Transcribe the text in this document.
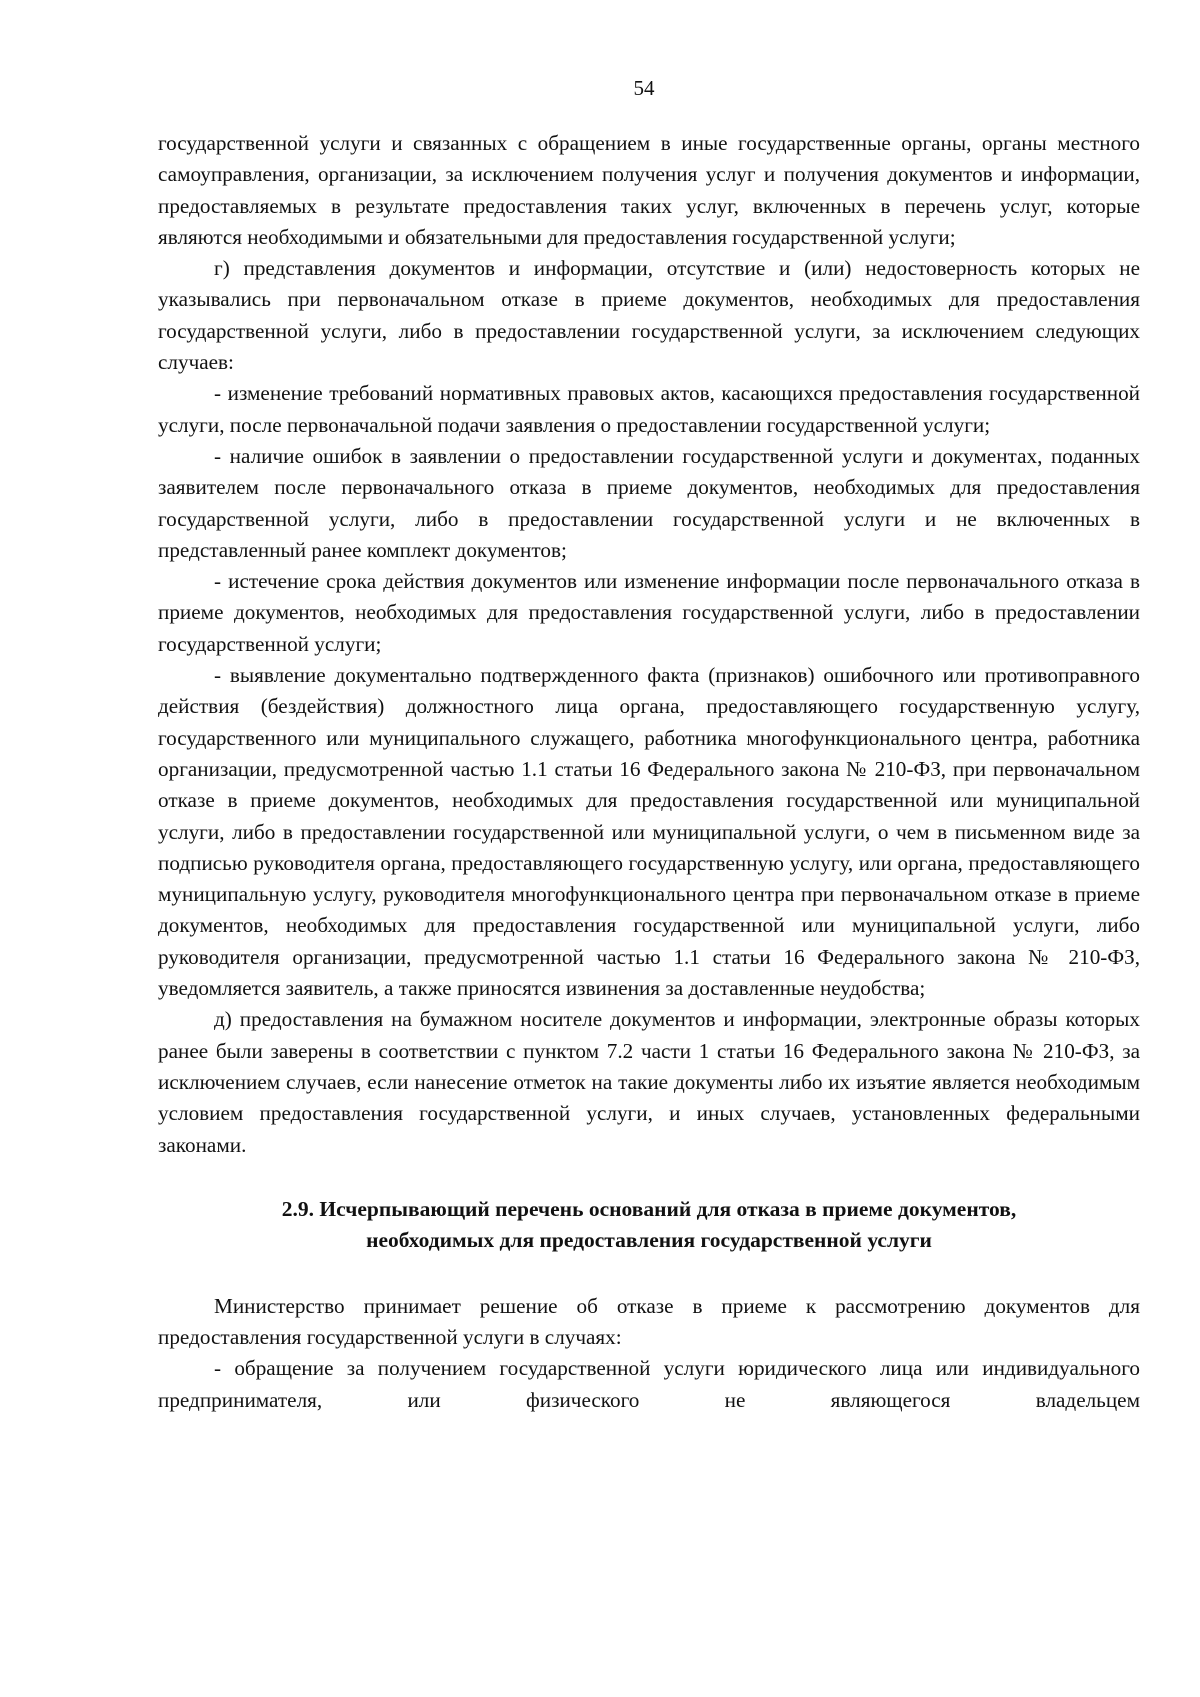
54

государственной услуги и связанных с обращением в иные государственные органы, органы местного самоуправления, организации, за исключением получения услуг и получения документов и информации, предоставляемых в результате предоставления таких услуг, включенных в перечень услуг, которые являются необходимыми и обязательными для предоставления государственной услуги;

г) представления документов и информации, отсутствие и (или) недостоверность которых не указывались при первоначальном отказе в приеме документов, необходимых для предоставления государственной услуги, либо в предоставлении государственной услуги, за исключением следующих случаев:

- изменение требований нормативных правовых актов, касающихся предоставления государственной услуги, после первоначальной подачи заявления о предоставлении государственной услуги;

- наличие ошибок в заявлении о предоставлении государственной услуги и документах, поданных заявителем после первоначального отказа в приеме документов, необходимых для предоставления государственной услуги, либо в предоставлении государственной услуги и не включенных в представленный ранее комплект документов;

- истечение срока действия документов или изменение информации после первоначального отказа в приеме документов, необходимых для предоставления государственной услуги, либо в предоставлении государственной услуги;

- выявление документально подтвержденного факта (признаков) ошибочного или противоправного действия (бездействия) должностного лица органа, предоставляющего государственную услугу, государственного или муниципального служащего, работника многофункционального центра, работника организации, предусмотренной частью 1.1 статьи 16 Федерального закона № 210-ФЗ, при первоначальном отказе в приеме документов, необходимых для предоставления государственной или муниципальной услуги, либо в предоставлении государственной или муниципальной услуги, о чем в письменном виде за подписью руководителя органа, предоставляющего государственную услугу, или органа, предоставляющего муниципальную услугу, руководителя многофункционального центра при первоначальном отказе в приеме документов, необходимых для предоставления государственной или муниципальной услуги, либо руководителя организации, предусмотренной частью 1.1 статьи 16 Федерального закона № 210-ФЗ, уведомляется заявитель, а также приносятся извинения за доставленные неудобства;

д) предоставления на бумажном носителе документов и информации, электронные образы которых ранее были заверены в соответствии с пунктом 7.2 части 1 статьи 16 Федерального закона № 210-ФЗ, за исключением случаев, если нанесение отметок на такие документы либо их изъятие является необходимым условием предоставления государственной услуги, и иных случаев, установленных федеральными законами.

2.9. Исчерпывающий перечень оснований для отказа в приеме документов,
необходимых для предоставления государственной услуги

Министерство принимает решение об отказе в приеме к рассмотрению документов для предоставления государственной услуги в случаях:

- обращение за получением государственной услуги юридического лица или индивидуального предпринимателя, или физического не являющегося владельцем
